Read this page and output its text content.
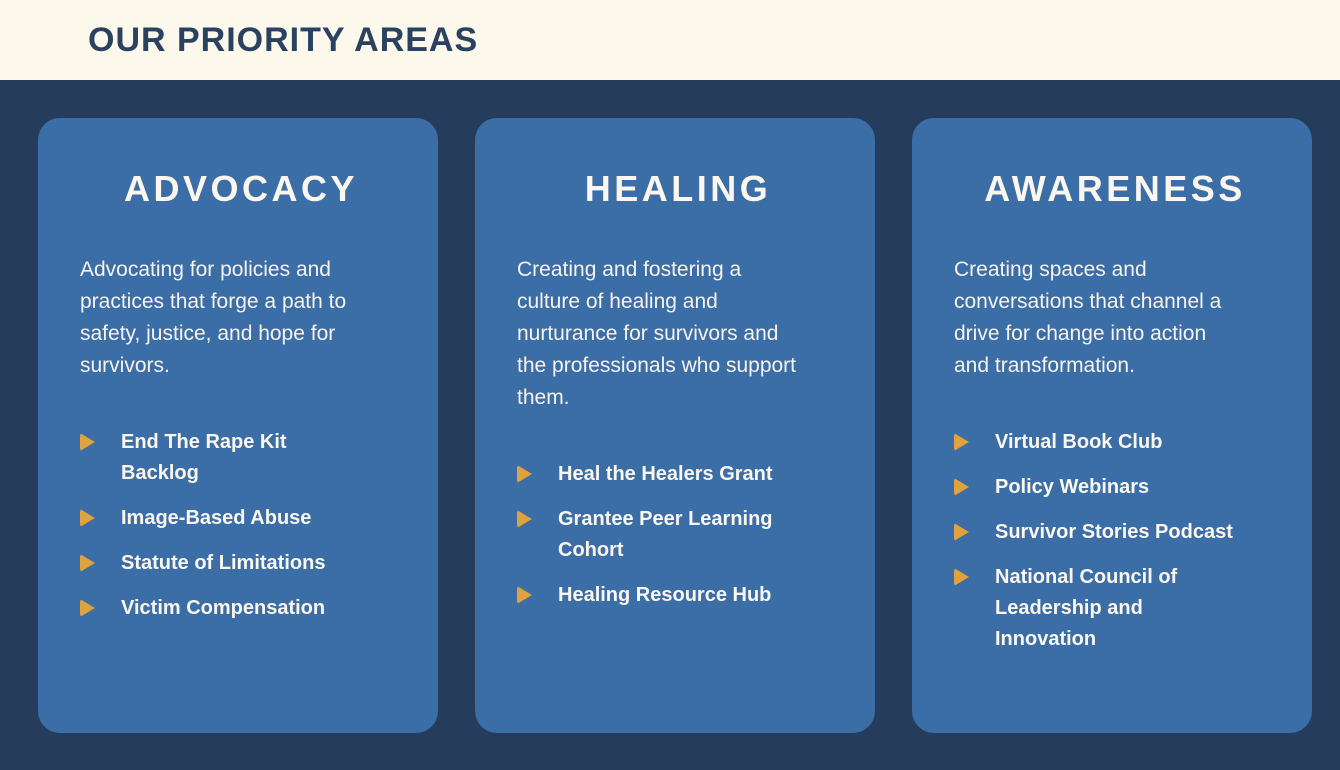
OUR PRIORITY AREAS
ADVOCACY

Advocating for policies and practices that forge a path to safety, justice, and hope for survivors.

End The Rape Kit Backlog
Image-Based Abuse
Statute of Limitations
Victim Compensation
HEALING

Creating and fostering a culture of healing and nurturance for survivors and the professionals who support them.

Heal the Healers Grant
Grantee Peer Learning Cohort
Healing Resource Hub
AWARENESS

Creating spaces and conversations that channel a drive for change into action and transformation.

Virtual Book Club
Policy Webinars
Survivor Stories Podcast
National Council of Leadership and Innovation
